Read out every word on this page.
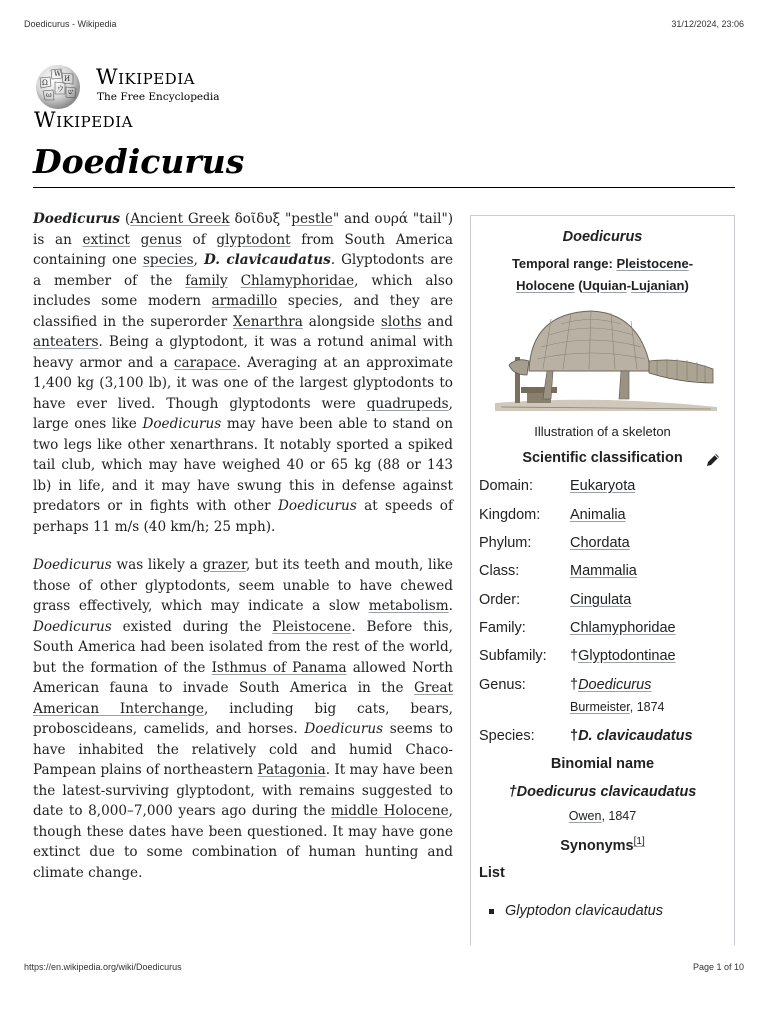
Doedicurus - Wikipedia	31/12/2024, 23:06
https://en.wikipedia.org/wiki/Doedicurus	Page 1 of 10
Ω
W
И
ウ
ω ש
Wikipedia
The Free Encyclopedia
Wikipedia
Doedicurus

Doedicurus (Ancient Greek δοῖδυξ "pestle" and ουρά "tail") is an extinct genus of glyptodont from South America containing one species, D. clavicaudatus. Glyptodonts are a member of the family Chlamyphoridae, which also includes some modern armadillo species, and they are classified in the superorder Xenarthra alongside sloths and anteaters. Being a glyptodont, it was a rotund animal with heavy armor and a carapace. Averaging at an approximate 1,400 kg (3,100 lb), it was one of the largest glyptodonts to have ever lived. Though glyptodonts were quadrupeds, large ones like Doedicurus may have been able to stand on two legs like other xenarthrans. It notably sported a spiked tail club, which may have weighed 40 or 65 kg (88 or 143 lb) in life, and it may have swung this in defense against predators or in fights with other Doedicurus at speeds of perhaps 11 m/s (40 km/h; 25 mph).

Doedicurus was likely a grazer, but its teeth and mouth, like those of other glyptodonts, seem unable to have chewed grass effectively, which may indicate a slow metabolism. Doedicurus existed during the Pleistocene. Before this, South America had been isolated from the rest of the world, but the formation of the Isthmus of Panama allowed North American fauna to invade South America in the Great American Interchange, including big cats, bears, proboscideans, camelids, and horses. Doedicurus seems to have inhabited the relatively cold and humid Chaco-Pampean plains of northeastern Patagonia. It may have been the latest-surviving glyptodont, with remains suggested to date to 8,000–7,000 years ago during the middle Holocene, though these dates have been questioned. It may have gone extinct due to some combination of human hunting and climate change.

Doedicurus
Temporal range: Pleistocene-
Holocene (Uquian-Lujanian)
Illustration of a skeleton
Scientific classification
Domain:	Eukaryota
Kingdom: Animalia
Phylum:	Chordata
Class:	Mammalia
Order:	Cingulata
Family:	Chlamyphoridae
Subfamily: †Glyptodontinae
Genus:	†Doedicurus
Burmeister, 1874
Species: †D. clavicaudatus
Binomial name
†Doedicurus clavicaudatus
Owen, 1847
Synonyms[1]
List
Glyptodon clavicaudatus
